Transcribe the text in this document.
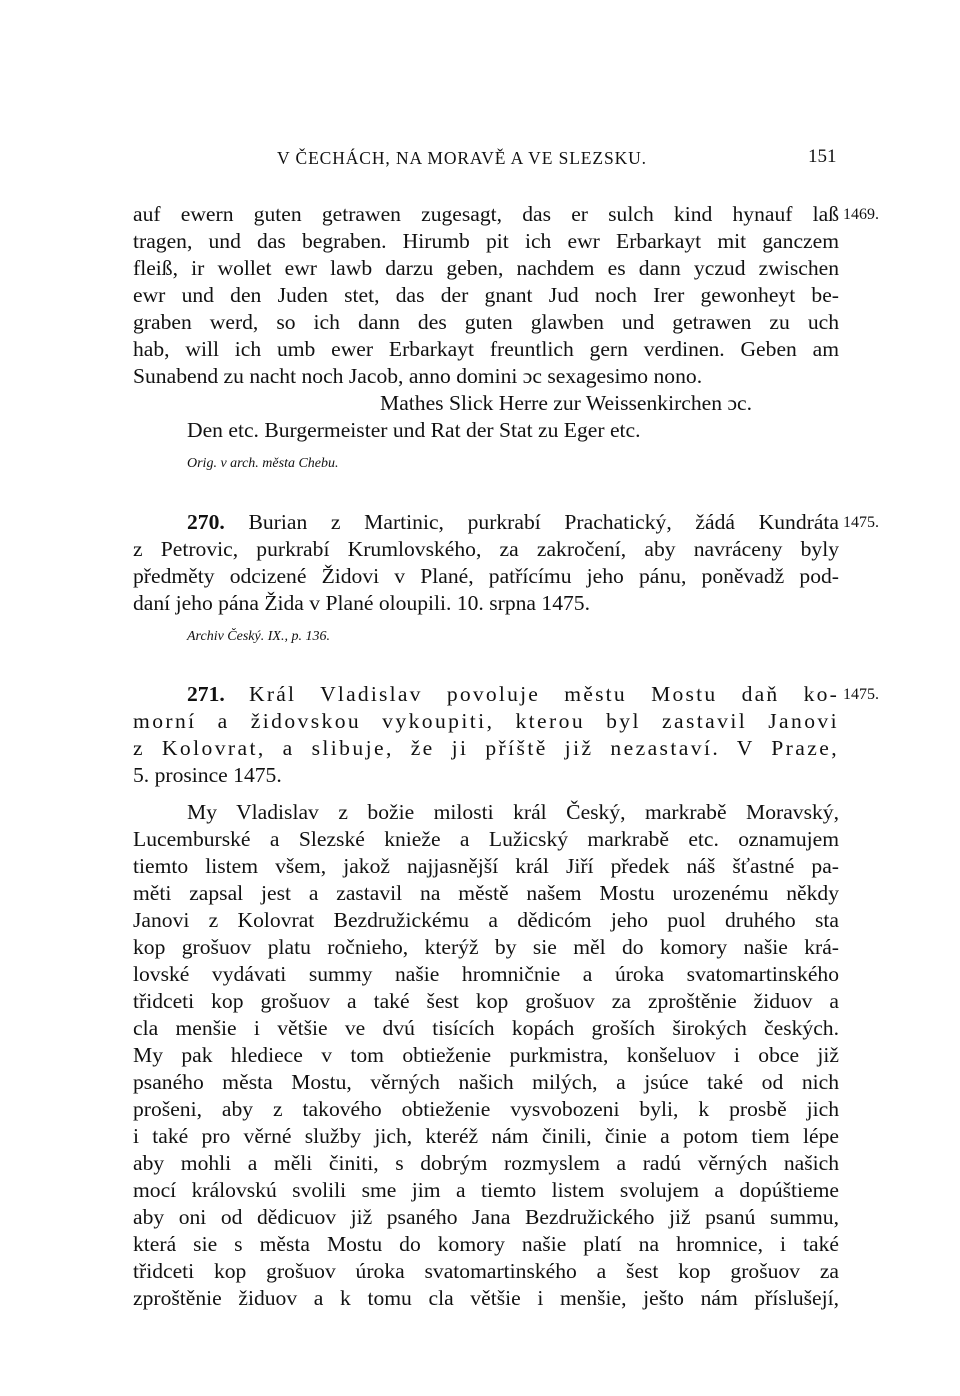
V ČECHÁCH, NA MORAVĚ A VE SLEZSKU.	151
auf ewern guten getrawen zugesagt, das er sulch kind hynauf laß 1469.
tragen, und das begraben. Hirumb pit ich ewr Erbarkayt mit ganczem
fleiß, ir wollet ewr lawb darzu geben, nachdem es dann yczud zwischen
ewr und den Juden stet, das der gnant Jud noch Irer gewonheyt be-
graben werd, so ich dann des guten glawben und getrawen zu uch
hab, will ich umb ewer Erbarkayt freuntlich gern verdinen. Geben am
Sunabend zu nacht noch Jacob, anno domini ɔc sexagesimo nono.
Mathes Slick Herre zur Weissenkirchen ɔc.
Den etc. Burgermeister und Rat der Stat zu Eger etc.
Orig. v arch. města Chebu.
270. Burian z Martinic, purkrabí Prachatický, žádá Kundráta 1475.
z Petrovic, purkrabí Krumlovského, za zakročení, aby navráceny byly
předměty odcizené Židovi v Plané, patřícímu jeho pánu, poněvadž pod-
daní jeho pána Žida v Plané oloupili. 10. srpna 1475.
Archiv Český. IX., p. 136.
271. Král Vladislav povoluje městu Mostu daň ko- 1475.
morní a židovskou vykoupiti, kterou byl zastavil Janovi
z Kolovrat, a slibuje, že ji příště již nezastaví. V Praze,
5. prosince 1475.
My Vladislav z božie milosti král Český, markrabě Moravský,
Lucemburské a Slezské knieže a Lužicský markrabě etc. oznamujem
tiemto listem všem, jakož najjasnější král Jiří předek náš šťastné pa-
měti zapsal jest a zastavil na městě našem Mostu urozenému někdy
Janovi z Kolovrat Bezdružickému a dědicóm jeho puol druhého sta
kop grošuov platu ročnieho, kterýž by sie měl do komory našie krá-
lovské vydávati summy našie hromničnie a úroka svatomartinského
třidceti kop grošuov a také šest kop grošuov za zproštěnie židuov a
cla menšie i většie ve dvú tisících kopách groších širokých českých.
My pak hlediece v tom obtieženie purkmistra, konšeluov i obce již
psaného města Mostu, věrných našich milých, a jsúce také od nich
prošeni, aby z takového obtieženie vysvobozeni byli, k prosbě jich
i také pro věrné služby jich, kteréž nám činili, činie a potom tiem lépe
aby mohli a měli činiti, s dobrým rozmyslem a radú věrných našich
mocí královskú svolili sme jim a tiemto listem svolujem a dopúštieme
aby oni od dědicuov již psaného Jana Bezdružického již psanú summu,
která sie s města Mostu do komory našie platí na hromnice, i také
třidceti kop grošuov úroka svatomartinského a šest kop grošuov za
zproštěnie židuov a k tomu cla většie i menšie, ješto nám příslušejí,
